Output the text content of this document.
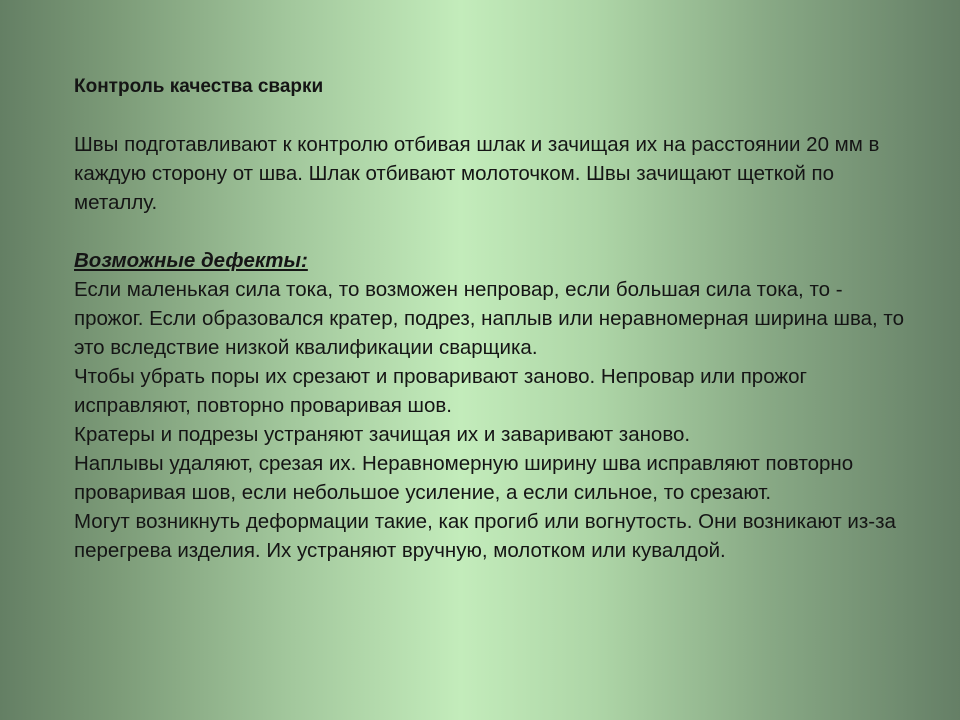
Контроль качества сварки

Швы подготавливают к контролю отбивая шлак и зачищая их на расстоянии 20 мм в каждую сторону от шва. Шлак отбивают молоточком. Швы зачищают щеткой по металлу.

Возможные дефекты:

Если маленькая сила тока, то возможен непровар, если большая сила тока, то - прожог. Если образовался кратер, подрез, наплыв или неравномерная ширина шва, то это вследствие низкой квалификации сварщика.

Чтобы убрать поры их срезают и проваривают заново. Непровар или прожог исправляют, повторно проваривая шов.

Кратеры и подрезы устраняют зачищая их и заваривают заново.

Наплывы удаляют, срезая их. Неравномерную ширину шва исправляют повторно проваривая шов, если небольшое усиление, а если сильное, то срезают.

Могут возникнуть деформации такие, как прогиб или вогнутость. Они возникают из-за перегрева изделия. Их устраняют вручную, молотком или кувалдой.
